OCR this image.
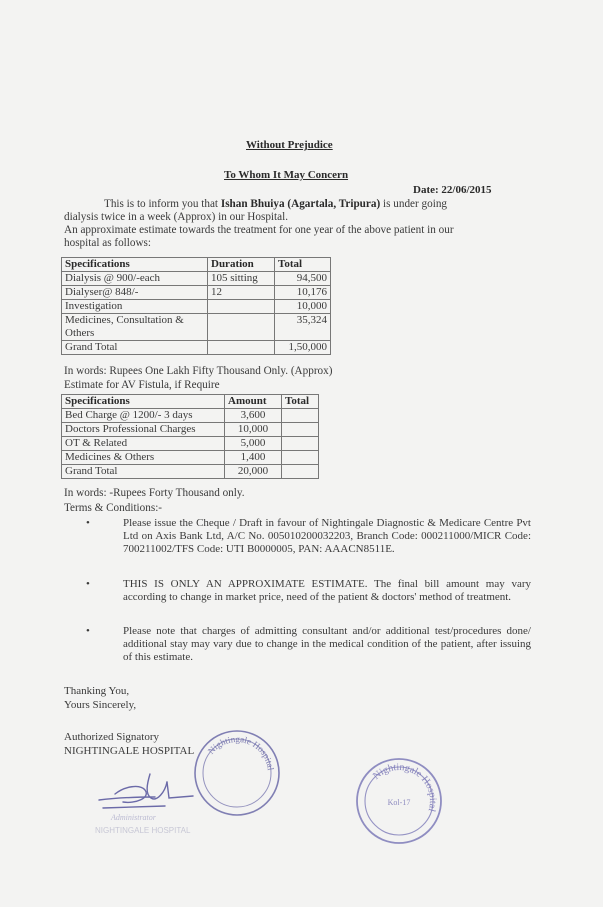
Without Prejudice
To Whom It May Concern
Date: 22/06/2015
This is to inform you that Ishan Bhuiya (Agartala, Tripura) is under going
dialysis twice in a week (Approx) in our Hospital.
An approximate estimate towards the treatment for one year of the above patient in our
hospital as follows:
Specifications	Duration	Total
Dialysis @ 900/-each	105 sitting	94,500
Dialyser@ 848/-	12	10,176
Investigation		10,000

Medicines, Consultation &
Others		35,324
Grand Total		1,50,000
In words: Rupees One Lakh Fifty Thousand Only. (Approx)
Estimate for AV Fistula, if Require
Specifications	Amount	Total
Bed Charge @ 1200/- 3 days	3,600	
Doctors Professional Charges	10,000	
OT & Related	5,000	
Medicines & Others	1,400	
Grand Total	20,000	
In words: -Rupees Forty Thousand only.
Terms & Conditions:-
•	Please issue the Cheque / Draft in favour of Nightingale Diagnostic & Medicare Centre Pvt Ltd on Axis Bank Ltd, A/C No. 005010200032203, Branch Code: 000211000/MICR Code: 700211002/TFS Code: UTI B0000005, PAN: AAACN8511E.
•	THIS IS ONLY AN APPROXIMATE ESTIMATE. The final bill amount may vary according to change in market price, need of the patient & doctors' method of treatment.
•	Please note that charges of admitting consultant and/or additional test/procedures done/ additional stay may vary due to change in the medical condition of the patient, after issuing of this estimate.
Thanking You,
Yours Sincerely,
Authorized Signatory
NIGHTINGALE HOSPITAL
Administrator
NIGHTINGALE HOSPITAL
Nightingale Hospital	Nightingale Hospital
Kol-17
